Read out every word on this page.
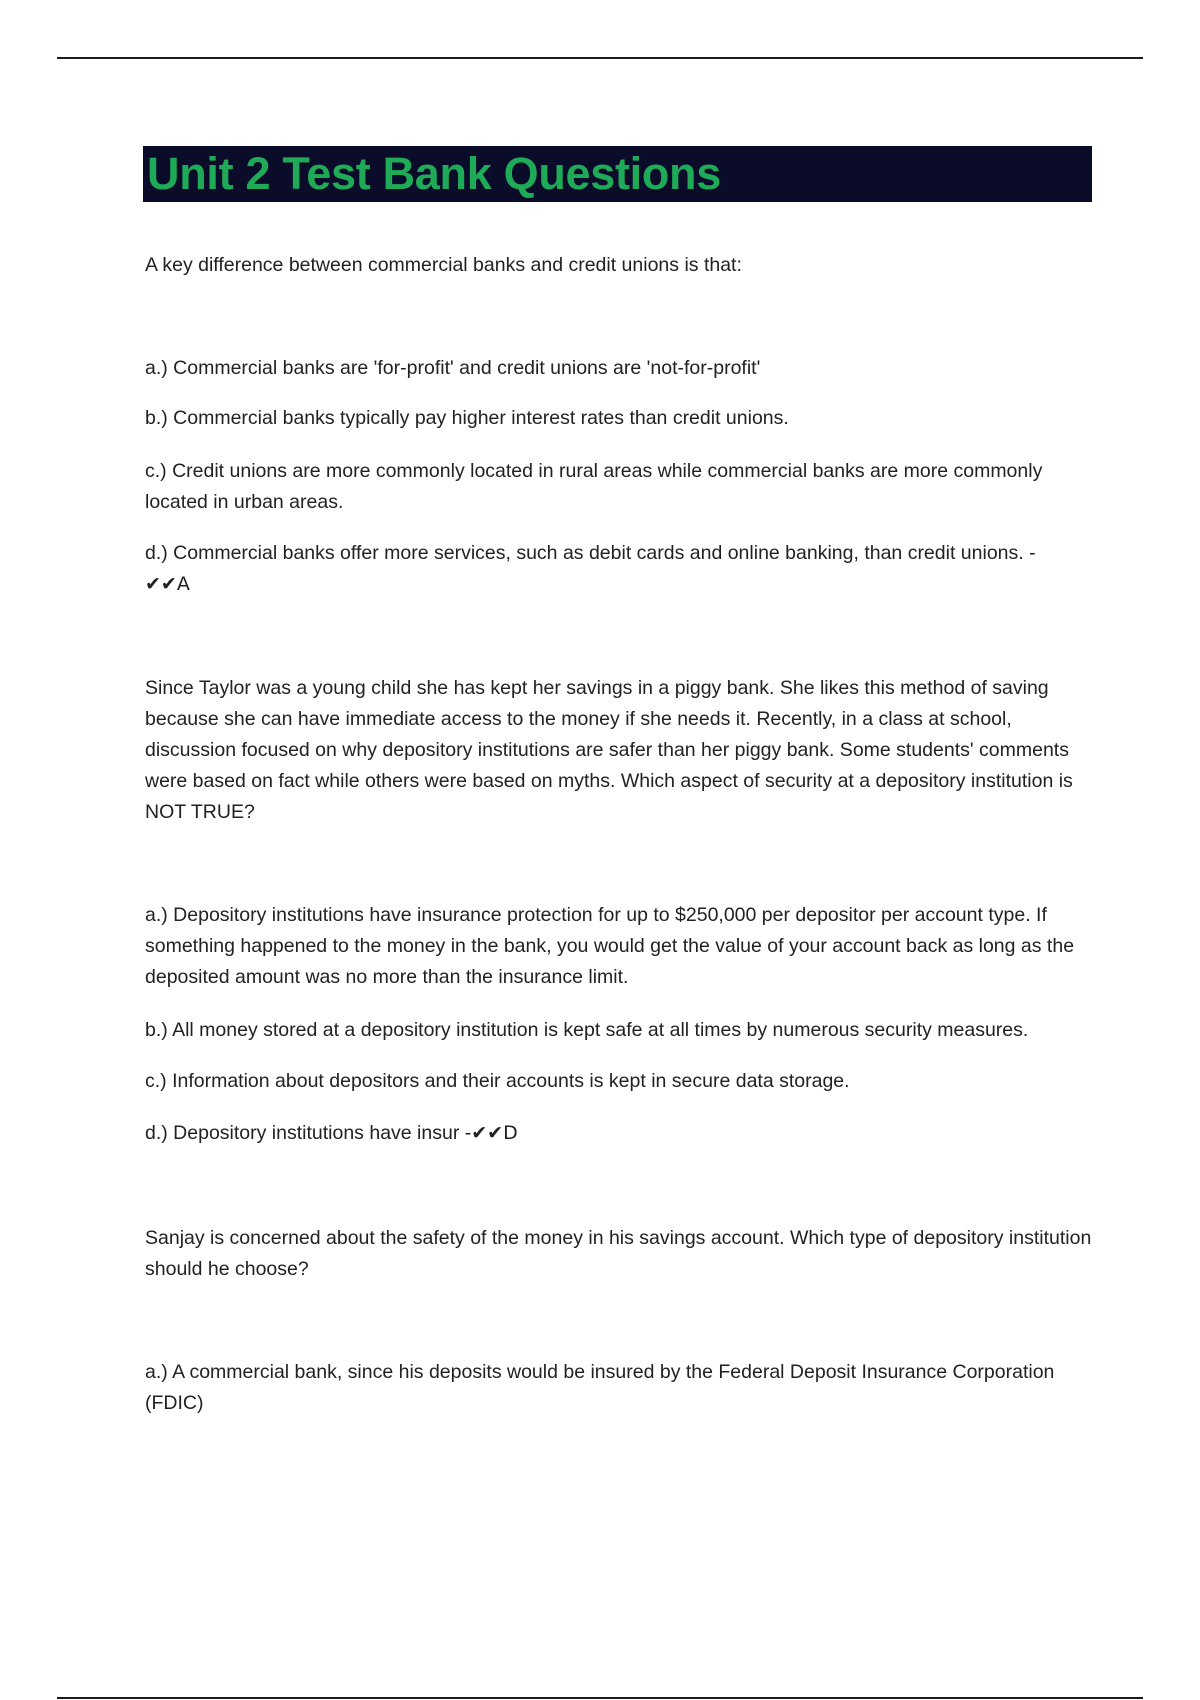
Unit 2 Test Bank Questions

A key difference between commercial banks and credit unions is that:

a.) Commercial banks are 'for-profit' and credit unions are 'not-for-profit'

b.) Commercial banks typically pay higher interest rates than credit unions.

c.) Credit unions are more commonly located in rural areas while commercial banks are more commonly located in urban areas.

d.) Commercial banks offer more services, such as debit cards and online banking, than credit unions. -
✔✔A

Since Taylor was a young child she has kept her savings in a piggy bank. She likes this method of saving because she can have immediate access to the money if she needs it. Recently, in a class at school, discussion focused on why depository institutions are safer than her piggy bank. Some students' comments were based on fact while others were based on myths. Which aspect of security at a depository institution is NOT TRUE?

a.) Depository institutions have insurance protection for up to $250,000 per depositor per account type. If something happened to the money in the bank, you would get the value of your account back as long as the deposited amount was no more than the insurance limit.

b.) All money stored at a depository institution is kept safe at all times by numerous security measures.

c.) Information about depositors and their accounts is kept in secure data storage.

d.) Depository institutions have insur -✔✔D

Sanjay is concerned about the safety of the money in his savings account. Which type of depository institution should he choose?

a.) A commercial bank, since his deposits would be insured by the Federal Deposit Insurance Corporation (FDIC)
